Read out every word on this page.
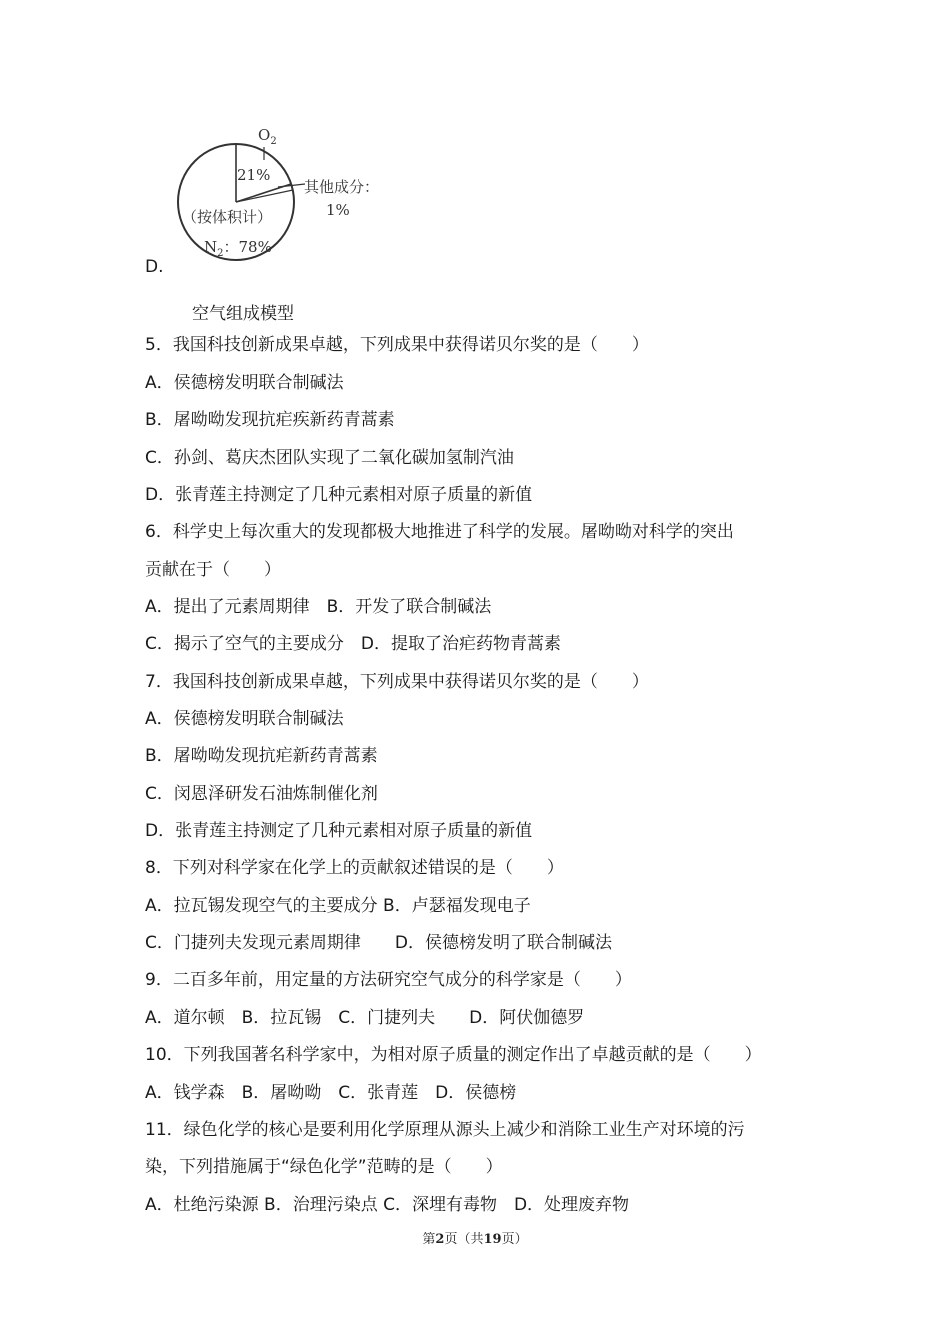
$O_2$
21%
其他成分：
1%
（按体积计）
$N_2$：78%
D.
空气组成模型
5．我国科技创新成果卓越，下列成果中获得诺贝尔奖的是（　　）
A．侯德榜发明联合制碱法
B．屠呦呦发现抗疟疾新药青蒿素
C．孙剑、葛庆杰团队实现了二氧化碳加氢制汽油
D．张青莲主持测定了几种元素相对原子质量的新值
6．科学史上每次重大的发现都极大地推进了科学的发展。屠呦呦对科学的突出
贡献在于（　　）
A．提出了元素周期律　B．开发了联合制碱法
C．揭示了空气的主要成分　D．提取了治疟药物青蒿素
7．我国科技创新成果卓越，下列成果中获得诺贝尔奖的是（　　）
A．侯德榜发明联合制碱法
B．屠呦呦发现抗疟新药青蒿素
C．闵恩泽研发石油炼制催化剂
D．张青莲主持测定了几种元素相对原子质量的新值
8．下列对科学家在化学上的贡献叙述错误的是（　　）
A．拉瓦锡发现空气的主要成分 B．卢瑟福发现电子
C．门捷列夫发现元素周期律　　D．侯德榜发明了联合制碱法
9．二百多年前，用定量的方法研究空气成分的科学家是（　　）
A．道尔顿　B．拉瓦锡　C．门捷列夫　　D．阿伏伽德罗
10．下列我国著名科学家中，为相对原子质量的测定作出了卓越贡献的是（　　）
A．钱学森　B．屠呦呦　C．张青莲　D．侯德榜
11．绿色化学的核心是要利用化学原理从源头上减少和消除工业生产对环境的污
染，下列措施属于“绿色化学”范畴的是（　　）
A．杜绝污染源 B．治理污染点 C．深埋有毒物　D．处理废弃物
第2页（共19页）
